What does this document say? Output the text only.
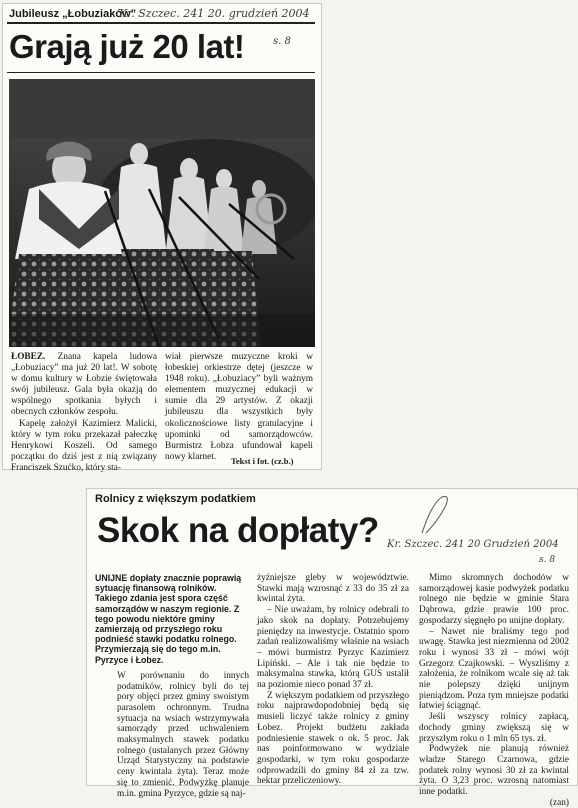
Jubileusz „Łobuziaków”
Kr. Szczec. 241 20. grudzień 2004
Grają już 20 lat!	s. 8

ŁOBEZ. Znana kapela ludowa „Łobuziacy” ma już 20 lat!. W sobotę w domu kultury w Łobzie świętowała swój jubileusz. Gala była okazją do wspólnego spotkania byłych i obecnych członków zespołu.

Kapelę założył Kazimierz Malicki, który w tym roku przekazał pałeczkę Henrykowi Koszeli. Od samego początku do dziś jest z nią związany Franciszek Szućko, który sta-

wiał pierwsze muzyczne kroki w łobeskiej orkiestrze dętej (jeszcze w 1948 roku). „Łobuziacy” byli ważnym elementem muzycznej edukacji w sumie dla 29 artystów. Z okazji jubileuszu dla wszystkich były okolicznościowe listy gratulacyjne i upominki od samorządowców. Burmistrz Łobza ufundował kapeli nowy klarnet.	Tekst i fot. (cz.b.)
Rolnicy z większym podatkiem
Skok na dopłaty? Kr. Szczec. 241 20 Grudzień 2004
s. 8

UNIJNE dopłaty znacznie poprawią sytuację finansową rolników. Takiego zdania jest spora część samorządów w naszym regionie. Z tego powodu niektóre gminy zamierzają od przyszłego roku podnieść stawki podatku rolnego. Przymierzają się do tego m.in. Pyrzyce i Łobez.

W porównaniu do innych podatników, rolnicy byli do tej pory objęci przez gminy swoistym parasolem ochronnym. Trudna sytuacja na wsiach wstrzymywała samorządy przed uchwaleniem maksymalnych stawek podatku rolnego (ustalanych przez Główny Urząd Statystyczny na podstawie ceny kwintala żyta). Teraz może się to zmienić. Podwyżkę planuje m.in. gmina Pyrzyce, gdzie są naj-

żyźniejsze gleby w województwie. Stawki mają wzrosnąć z 33 do 35 zł za kwintal żyta.

– Nie uważam, by rolnicy odebrali to jako skok na dopłaty. Potrzebujemy pieniędzy na inwestycje. Ostatnio sporo zadań realizowaliśmy właśnie na wsiach – mówi burmistrz Pyrzyc Kazimierz Lipiński. – Ale i tak nie będzie to maksymalna stawka, którą GUS ustalił na poziomie nieco ponad 37 zł.

Z większym podatkiem od przyszłego roku najprawdopodobniej będą się musieli liczyć także rolnicy z gminy Łobez. Projekt budżetu zakłada podniesienie stawek o ok. 5 proc. Jak nas poinformowano w wydziale gospodarki, w tym roku gospodarze odprowadzili do gminy 84 zł za tzw. hektar przeliczeniowy.

Mimo skromnych dochodów w samorządowej kasie podwyżek podatku rolnego nie będzie w gminie Stara Dąbrowa, gdzie prawie 100 proc. gospodarzy sięgnęło po unijne dopłaty.

– Nawet nie braliśmy tego pod uwagę. Stawka jest niezmienna od 2002 roku i wynosi 33 zł – mówi wójt Grzegorz Czajkowski. – Wyszliśmy z założenia, że rolnikom wcale się aż tak nie polepszy dzięki unijnym pieniądzom. Poza tym mniejsze podatki łatwiej ściągnąć.

Jeśli wszyscy rolnicy zapłacą, dochody gminy zwiększą się w przyszłym roku o 1 mln 65 tys. zł.

Podwyżek nie planują również władze Starego Czarnowa, gdzie podatek rolny wynosi 30 zł za kwintal żyta. O 3,23 proc. wzrosną natomiast inne podatki.

(zan)
